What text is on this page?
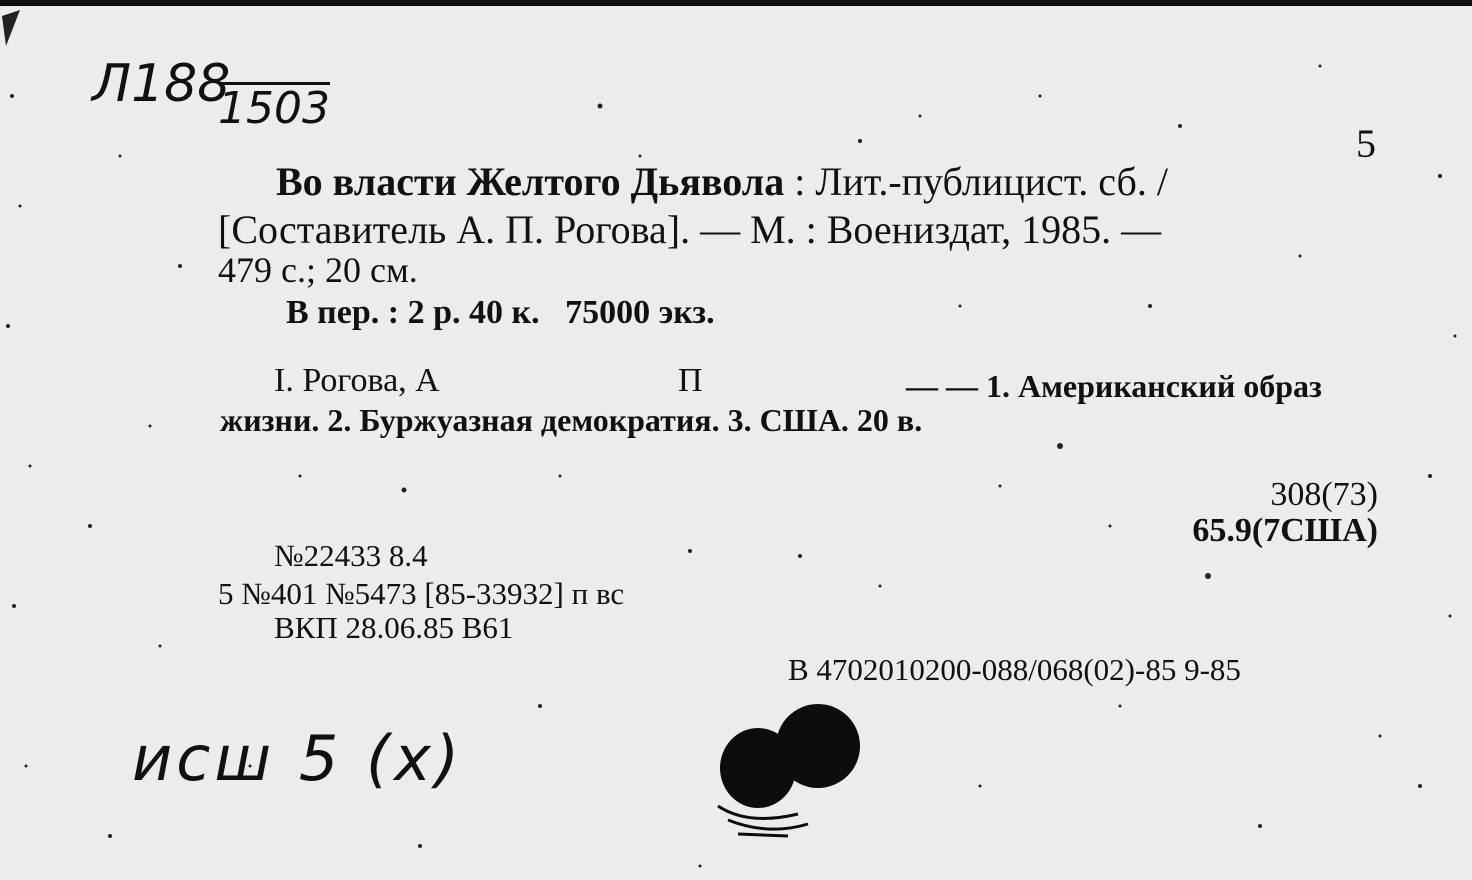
Л188
1503
5
Во власти Желтого Дьявола : Лит.-публицист. сб. /
[Составитель А. П. Рогова]. — М. : Воениздат, 1985. —
479 с.; 20 см.
В пер. : 2 р. 40 к.   75000 экз.
I. Рогова, А	П	— — 1. Американский образ
жизни. 2. Буржуазная демократия. 3. США. 20 в.
308(73)
65.9(7США)
№22433 8.4
5 №401 №5473 [85-33932] п вс
ВКП 28.06.85 В61
В 4702010200-088/068(02)-85 9-85
исш 5 (х)
